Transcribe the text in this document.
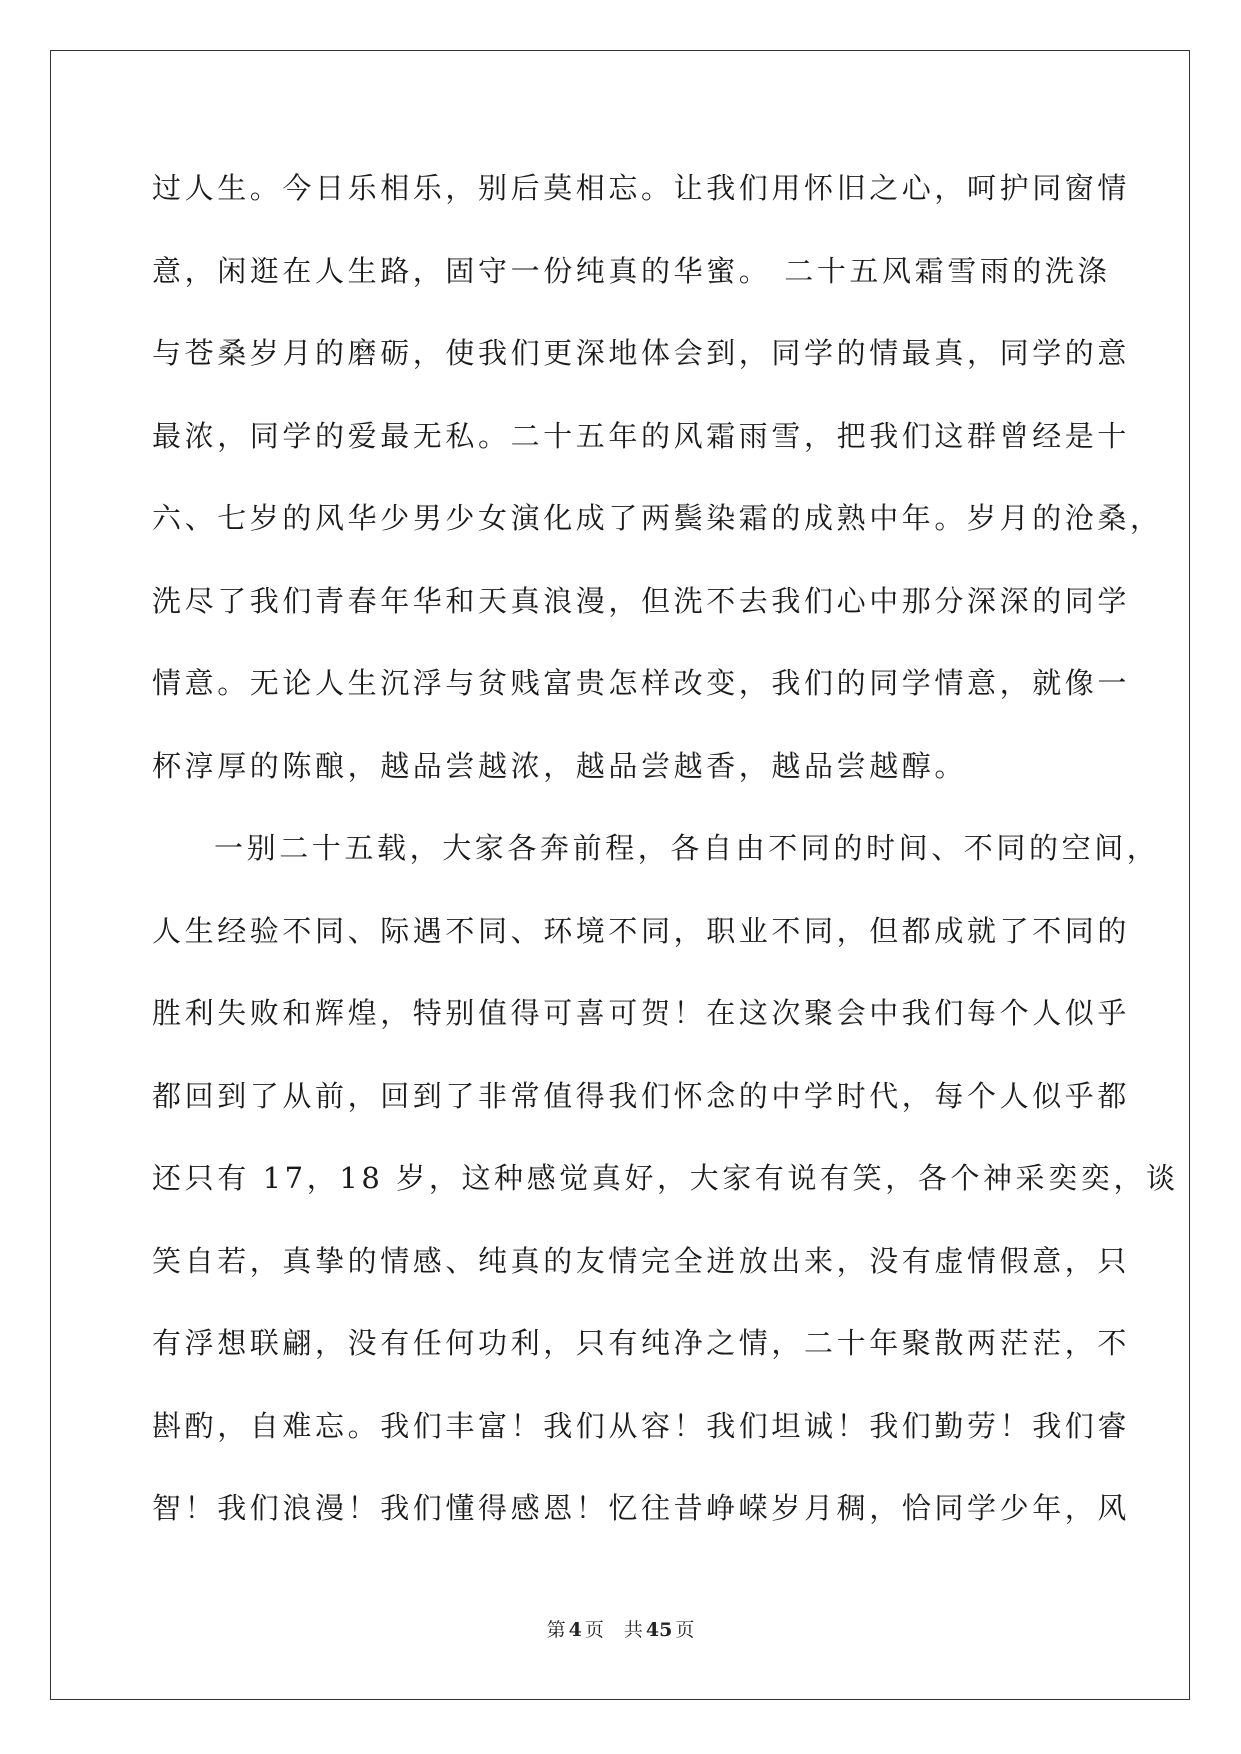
过人生。今日乐相乐，别后莫相忘。让我们用怀旧之心，呵护同窗情
意，闲逛在人生路，固守一份纯真的华蜜。 二十五风霜雪雨的洗涤
与苍桑岁月的磨砺，使我们更深地体会到，同学的情最真，同学的意
最浓，同学的爱最无私。二十五年的风霜雨雪，把我们这群曾经是十
六、七岁的风华少男少女演化成了两鬓染霜的成熟中年。岁月的沧桑，
洗尽了我们青春年华和天真浪漫，但洗不去我们心中那分深深的同学
情意。无论人生沉浮与贫贱富贵怎样改变，我们的同学情意，就像一
杯淳厚的陈酿，越品尝越浓，越品尝越香，越品尝越醇。
一别二十五载，大家各奔前程，各自由不同的时间、不同的空间，
人生经验不同、际遇不同、环境不同，职业不同，但都成就了不同的
胜利失败和辉煌，特别值得可喜可贺！在这次聚会中我们每个人似乎
都回到了从前，回到了非常值得我们怀念的中学时代，每个人似乎都
还只有 17，18 岁，这种感觉真好，大家有说有笑，各个神采奕奕，谈
笑自若，真挚的情感、纯真的友情完全迸放出来，没有虚情假意，只
有浮想联翩，没有任何功利，只有纯净之情，二十年聚散两茫茫，不
斟酌，自难忘。我们丰富！我们从容！我们坦诚！我们勤劳！我们睿
智！我们浪漫！我们懂得感恩！忆往昔峥嵘岁月稠，恰同学少年，风
第 4 页 共 45 页
